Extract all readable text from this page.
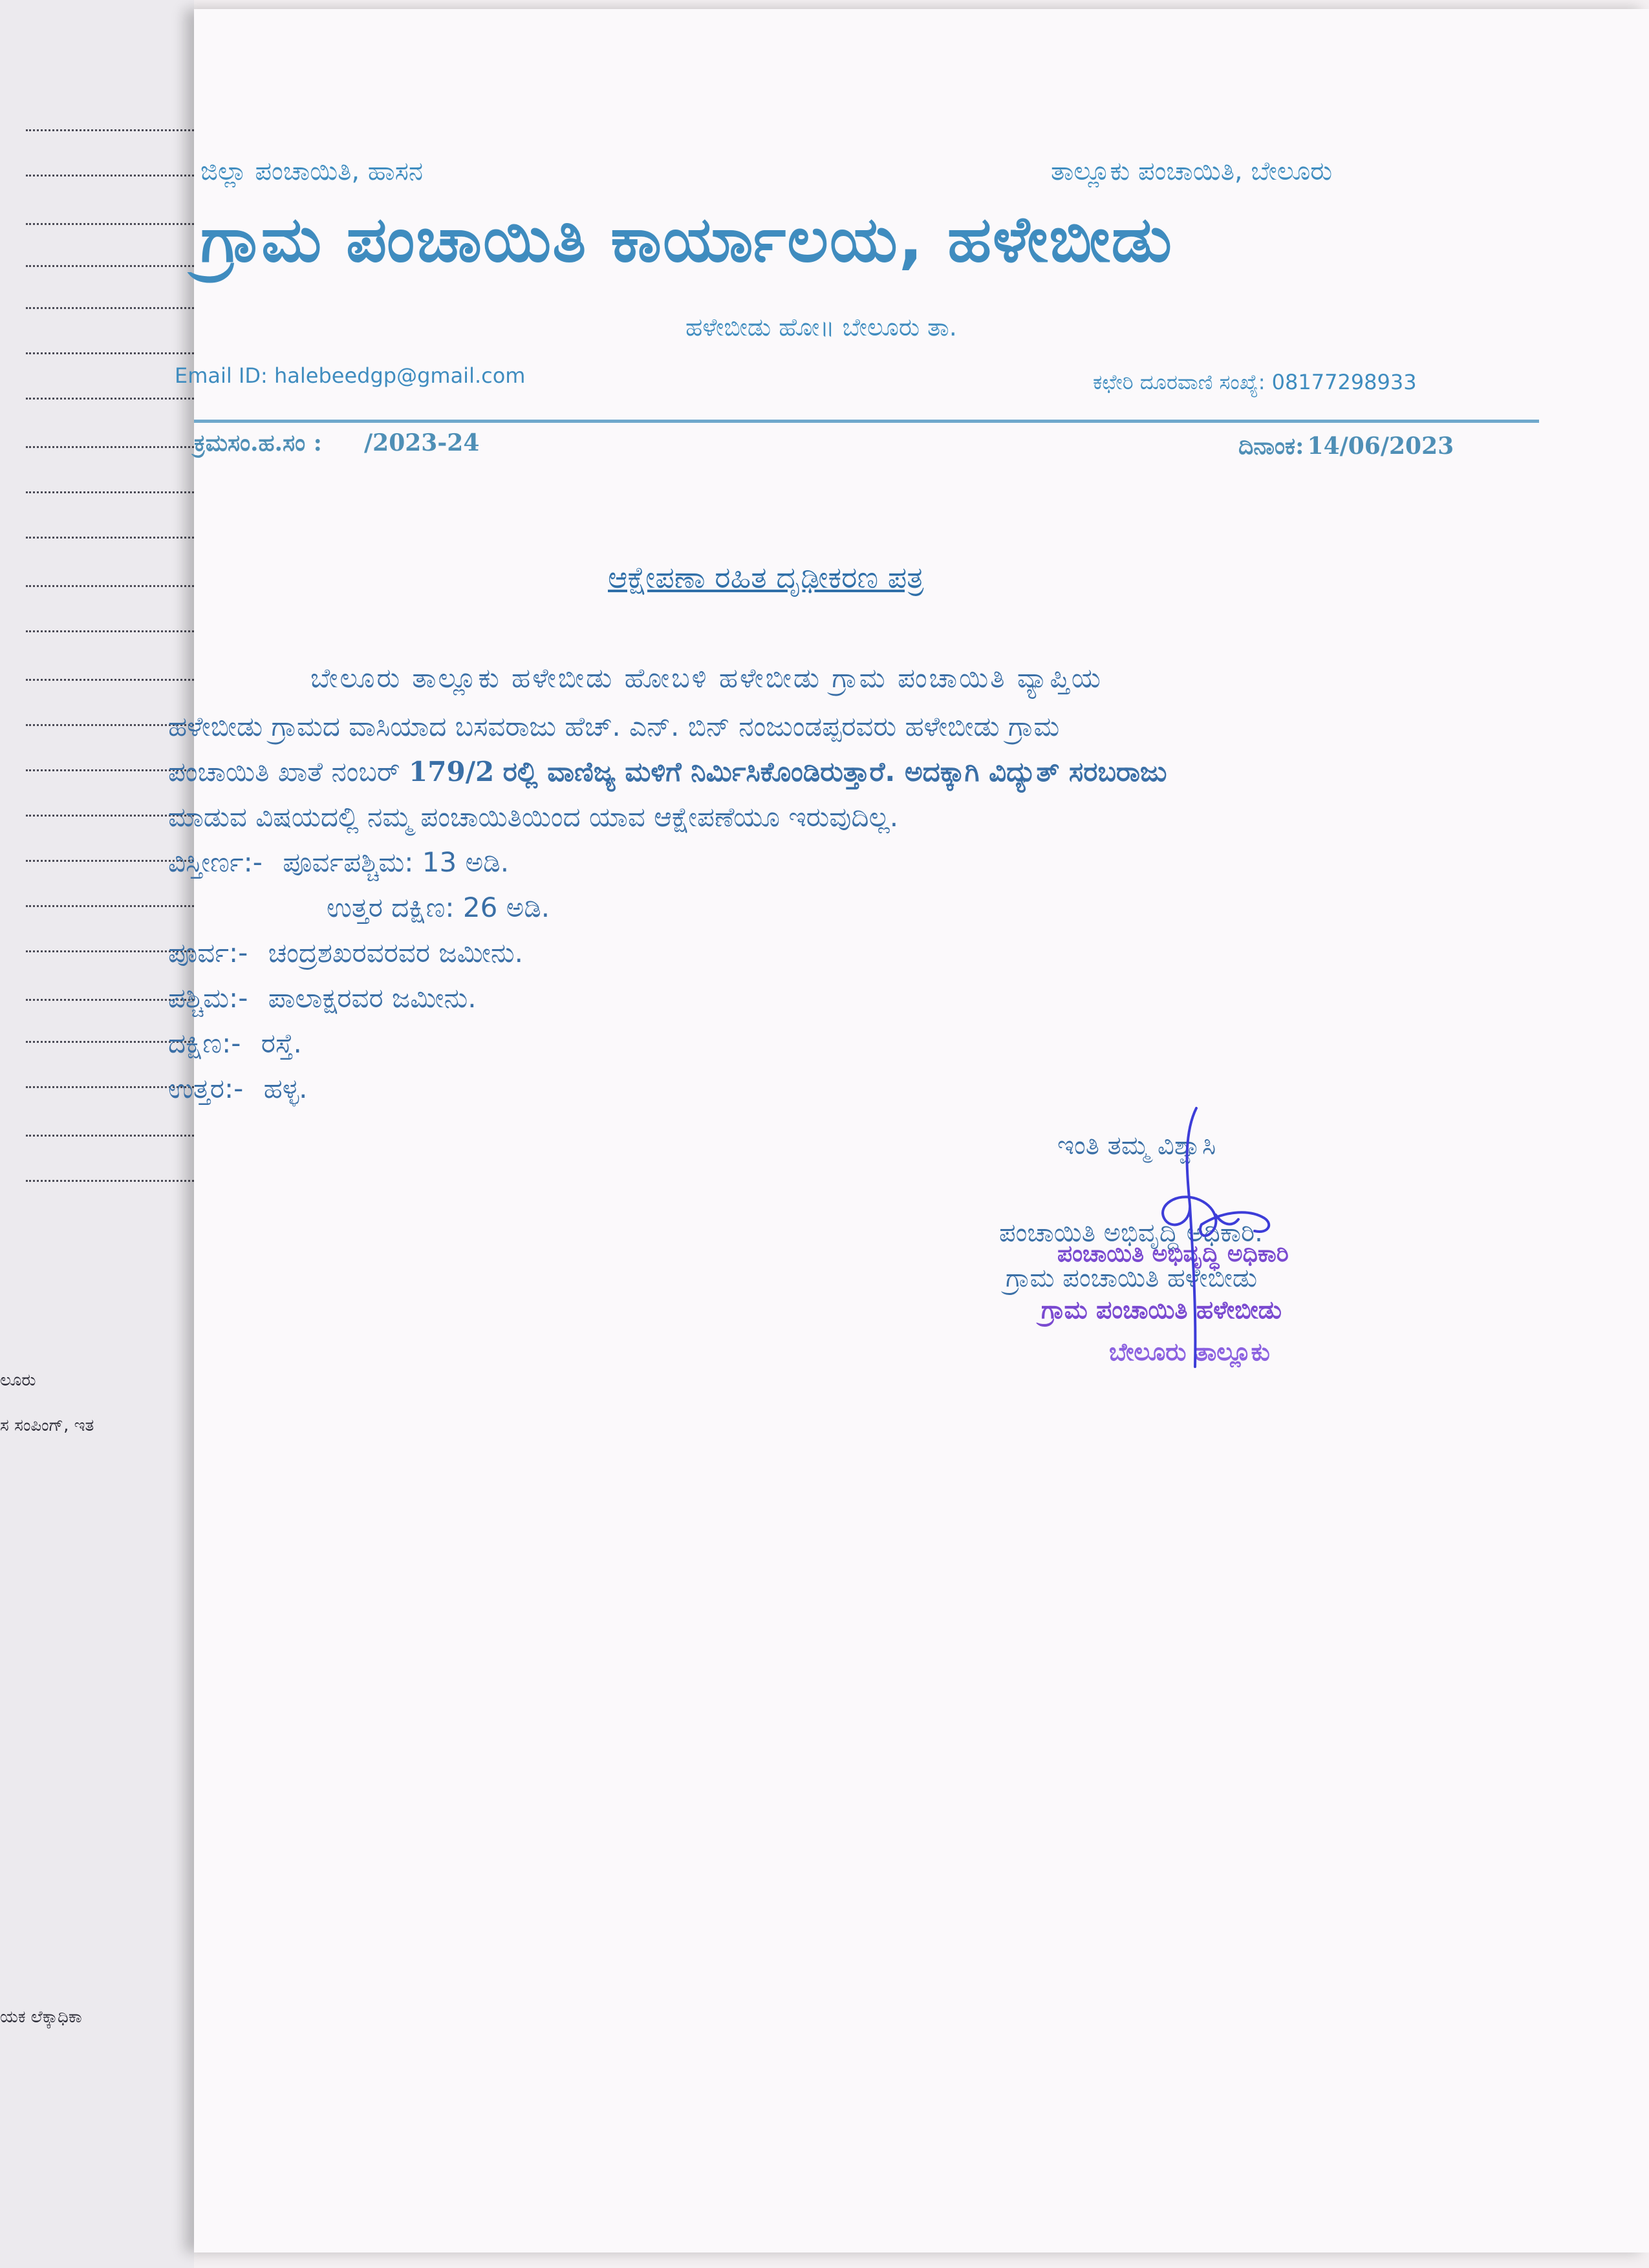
ಲೂರು
ಸ ಸಂಪಿಂಗ್, ಇತ
ಯಕ ಲೆಕ್ಕಾಧಿಕಾ
ಜಿಲ್ಲಾ ಪಂಚಾಯಿತಿ, ಹಾಸನ	ತಾಲ್ಲೂಕು ಪಂಚಾಯಿತಿ, ಬೇಲೂರು
ಗ್ರಾಮ ಪಂಚಾಯಿತಿ ಕಾರ್ಯಾಲಯ, ಹಳೇಬೀಡು
ಹಳೇಬೀಡು ಹೋ॥ ಬೇಲೂರು ತಾ.
Email ID: halebeedgp@gmail.com	ಕಛೇರಿ ದೂರವಾಣಿ ಸಂಖ್ಯೆ: 08177298933
ಕ್ರಮಸಂ.ಹ.ಸಂ : /2023-24	ದಿನಾಂಕ: 14/06/2023
ಆಕ್ಷೇಪಣಾ ರಹಿತ ದೃಢೀಕರಣ ಪತ್ರ
ಬೇಲೂರು ತಾಲ್ಲೂಕು ಹಳೇಬೀಡು ಹೋಬಳಿ ಹಳೇಬೀಡು ಗ್ರಾಮ ಪಂಚಾಯಿತಿ ವ್ಯಾಪ್ತಿಯ
ಹಳೇಬೀಡು ಗ್ರಾಮದ ವಾಸಿಯಾದ ಬಸವರಾಜು ಹೆಚ್. ಎನ್. ಬಿನ್ ನಂಜುಂಡಪ್ಪರವರು ಹಳೇಬೀಡು ಗ್ರಾಮ
ಪಂಚಾಯಿತಿ ಖಾತೆ ನಂಬರ್ 179/2 ರಲ್ಲಿ ವಾಣಿಜ್ಯ ಮಳಿಗೆ ನಿರ್ಮಿಸಿಕೊಂಡಿರುತ್ತಾರೆ. ಅದಕ್ಕಾಗಿ ವಿದ್ಯುತ್ ಸರಬರಾಜು
ಮಾಡುವ ವಿಷಯದಲ್ಲಿ ನಮ್ಮ ಪಂಚಾಯಿತಿಯಿಂದ ಯಾವ ಆಕ್ಷೇಪಣೆಯೂ ಇರುವುದಿಲ್ಲ.
ವಿಸ್ತೀರ್ಣ:- ಪೂರ್ವಪಶ್ಚಿಮ: 13 ಅಡಿ.
ಉತ್ತರ ದಕ್ಷಿಣ: 26 ಅಡಿ.
ಪೂರ್ವ:- ಚಂದ್ರಶಖರವರವರ ಜಮೀನು.
ಪಶ್ಚಿಮ:- ಪಾಲಾಕ್ಷರವರ ಜಮೀನು.
ದಕ್ಷಿಣ:- ರಸ್ತೆ.
ಉತ್ತರ:- ಹಳ್ಳ.
ಇಂತಿ ತಮ್ಮ ವಿಶ್ವಾಸಿ
ಪಂಚಾಯಿತಿ ಅಭಿವೃದ್ಧಿ ಅಧಿಕಾರಿ.
ಗ್ರಾಮ ಪಂಚಾಯಿತಿ ಹಳೇಬೀಡು
ಪಂಚಾಯಿತಿ ಅಭಿವೃದ್ಧಿ ಅಧಿಕಾರಿ
ಗ್ರಾಮ ಪಂಚಾಯಿತಿ ಹಳೇಬೀಡು
ಬೇಲೂರು ತಾಲ್ಲೂಕು
